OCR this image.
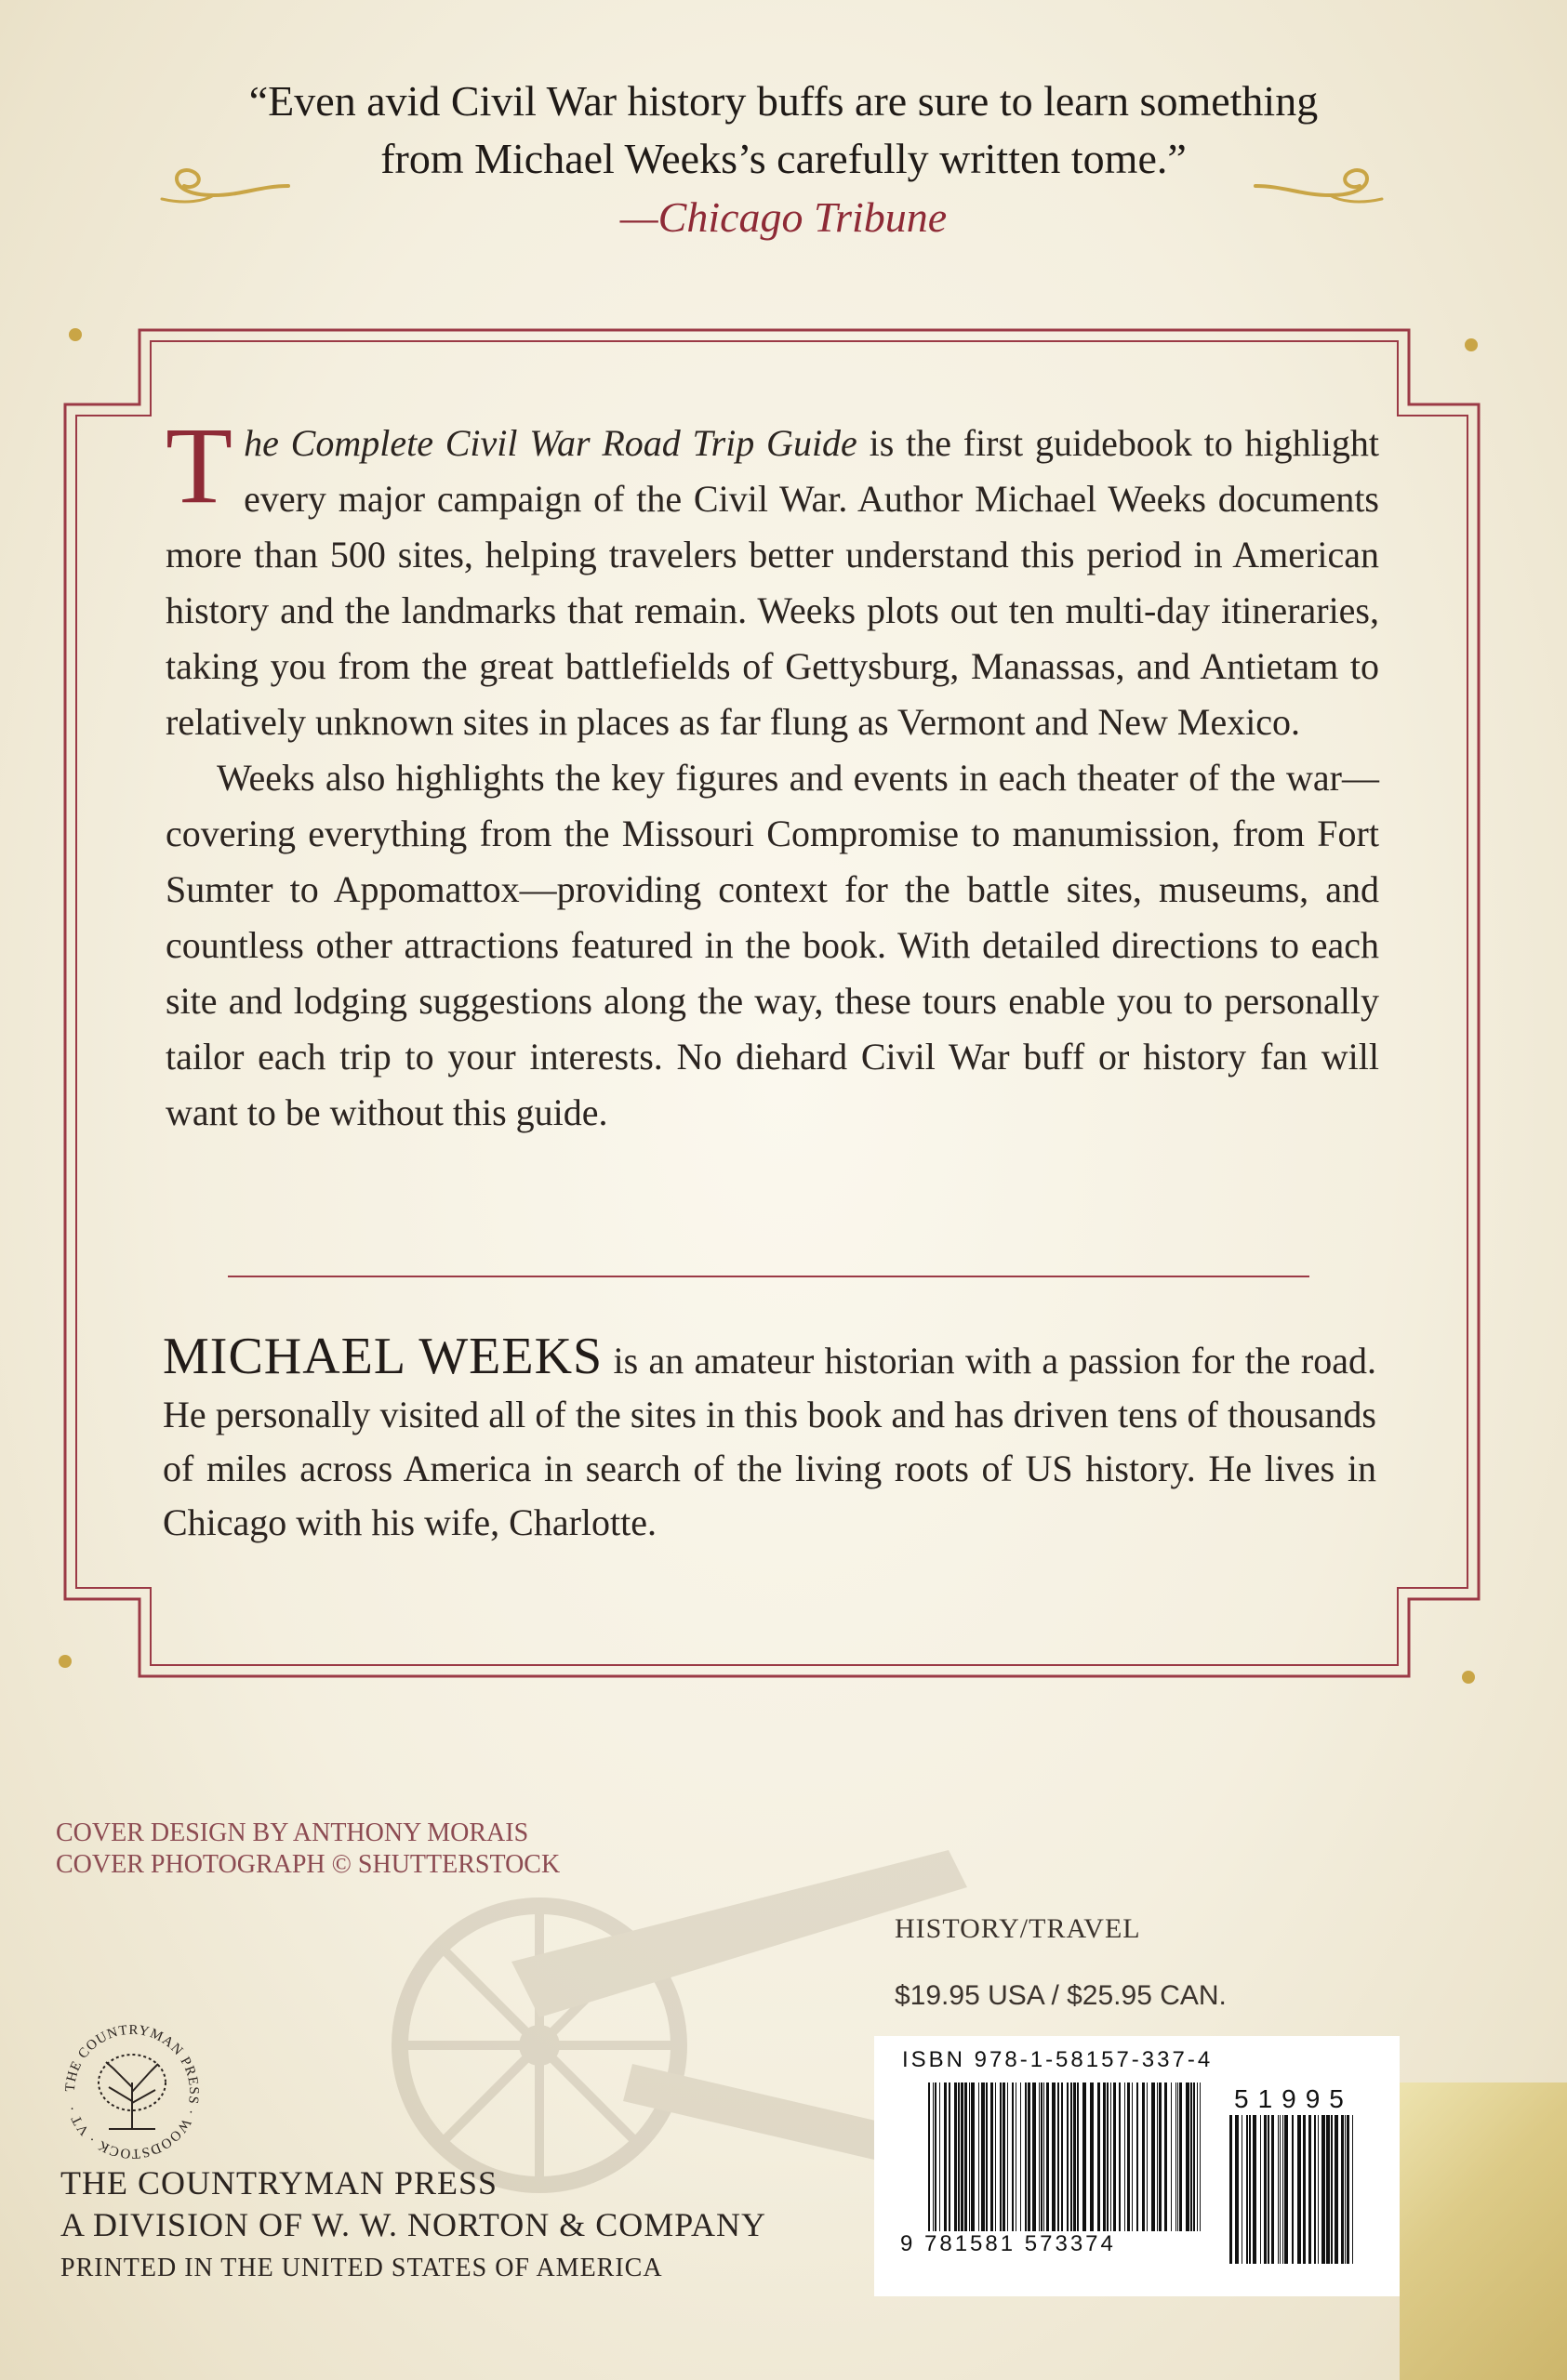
“Even avid Civil War history buffs are sure to learn something

from Michael Weeks’s carefully written tome.”

—Chicago Tribune

The Complete Civil War Road Trip Guide is the first guidebook to highlight every major campaign of the Civil War. Author Michael Weeks documents more than 500 sites, helping travelers better understand this period in American history and the landmarks that remain. Weeks plots out ten multi-day itineraries, taking you from the great battlefields of Gettysburg, Manassas, and Antietam to relatively unknown sites in places as far flung as Vermont and New Mexico.

Weeks also highlights the key figures and events in each theater of the war—covering everything from the Missouri Compromise to manumission, from Fort Sumter to Appomattox—providing context for the battle sites, museums, and countless other attractions featured in the book. With detailed directions to each site and lodging suggestions along the way, these tours enable you to personally tailor each trip to your interests. No diehard Civil War buff or history fan will want to be without this guide.

MICHAEL WEEKS is an amateur historian with a passion for the road. He personally visited all of the sites in this book and has driven tens of thousands of miles across America in search of the living roots of US history. He lives in Chicago with his wife, Charlotte.
COVER DESIGN BY ANTHONY MORAIS
COVER PHOTOGRAPH © SHUTTERSTOCK
THE COUNTRYMAN PRESS · WOODSTOCK · VT ·
THE COUNTRYMAN PRESS
A DIVISION OF W. W. NORTON & COMPANY
PRINTED IN THE UNITED STATES OF AMERICA
HISTORY/TRAVEL
$19.95 USA / $25.95 CAN.
ISBN 978-1-58157-337-4
9 781581 573374
51995
